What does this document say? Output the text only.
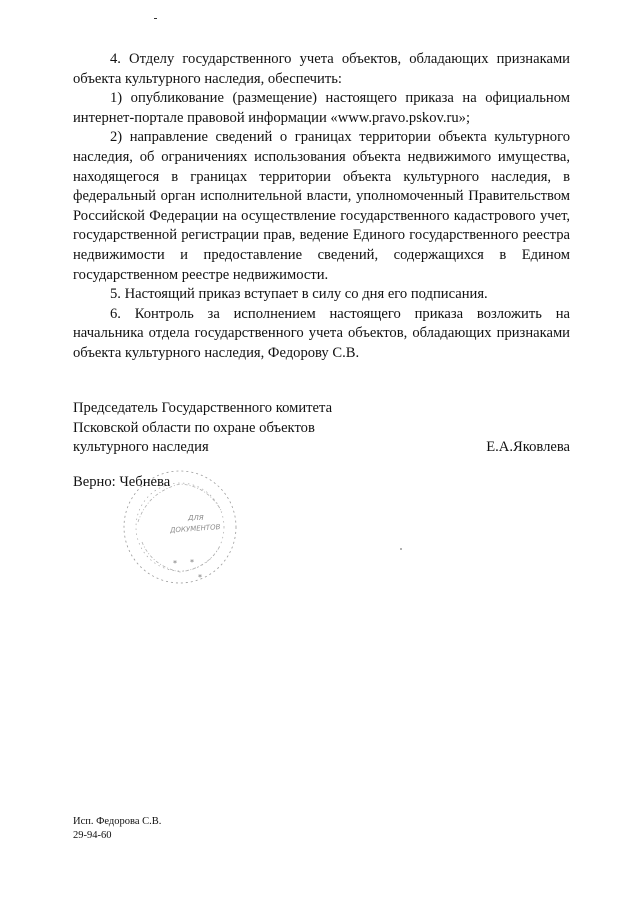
4. Отделу государственного учета объектов, обладающих признаками объекта культурного наследия, обеспечить:

1) опубликование (размещение) настоящего приказа на официальном интернет-портале правовой информации «www.pravo.pskov.ru»;

2) направление сведений о границах территории объекта культурного наследия, об ограничениях использования объекта недвижимого имущества, находящегося в границах территории объекта культурного наследия, в федеральный орган исполнительной власти, уполномоченный Правительством Российской Федерации на осуществление государственного кадастрового учет, государственной регистрации прав, ведение Единого государственного реестра недвижимости и предоставление сведений, содержащихся в Едином государственном реестре недвижимости.

5. Настоящий приказ вступает в силу со дня его подписания.

6. Контроль за исполнением настоящего приказа возложить на начальника отдела государственного учета объектов, обладающих признаками объекта культурного наследия, Федорову С.В.

Председатель Государственного комитета
Псковской области по охране объектов
культурного наследия	Е.А.Яковлева
Верно: Чебнева
ДЛЯ
ДОКУМЕНТОВ
* *
*
Исп. Федорова С.В.
29-94-60
